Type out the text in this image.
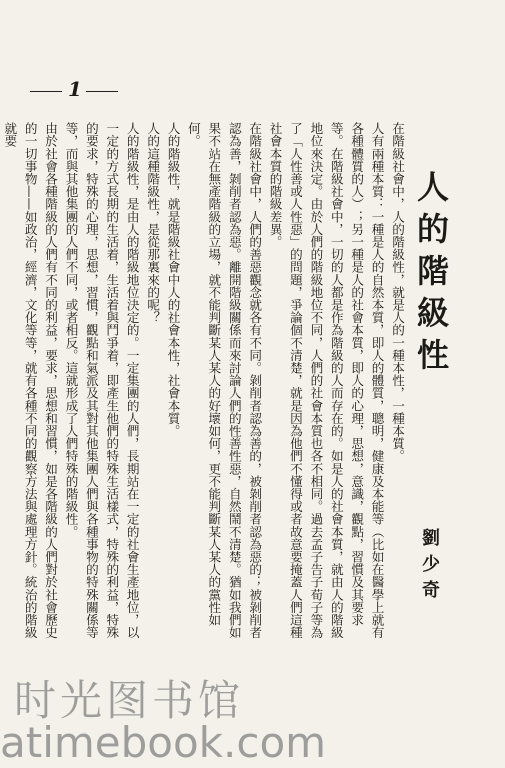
1
人的階級性
劉少奇

在階級社會中，人的階級性，就是人的一種本性，一種本質。

人有兩種本質：一種是人的自然本質，即人的體質，聰明，健康及本能等（比如在醫學上就有各種體質的人）；另一種是人的社會本質，即人的心理，思想，意識，觀點，習慣及其要求等。在階級社會中，一切的人都是作為階級的人而存在的。如是人的社會本質，就由人的階級地位來決定。由於人們的階級地位不同，人們的社會本質也各不相同。過去孟子告子荀子等為了「人性善或人性惡」的問題，爭論個不清楚，就是因為他們不懂得或者故意要掩蓋人們這種社會本質的階級差異。

在階級社會中，人們的善惡觀念就各有不同。剝削者認為善的，被剝削者認為惡的；被剝削者認為善，剝削者認為惡。離開階級關係而來討論人們的性善性惡，自然鬧不清楚。猶如我們如果不站在無產階級的立場，就不能判斷某人某人的好壞如何，更不能判斷某人某人的黨性如何。

人的階級性，就是階級社會中人的社會本性，社會本質。

人的這種階級性，是從那裏來的呢？

人的階級性，是由人的階級地位決定的。一定集團的人們，長期站在一定的社會生產地位，以一定的方式長期的生活着，生活着與鬥爭着，即產生他們的特殊生活樣式，特殊的利益，特殊的要求，特殊的心理，思想，習慣，觀點和氣派及其對其他集團人們與各種事物的特殊關係等等，而與其他集團的人們不同，或者相反。這就形成了人們特殊的階級性。

由於社會各種階級的人們有不同的利益，要求，思想和習慣，如是各階級的人們對於社會歷史的一切事物——如政治，經濟，文化等等，就有各種不同的觀察方法與處理方針。統治的階級就要

时光图书馆
atimebook.com
